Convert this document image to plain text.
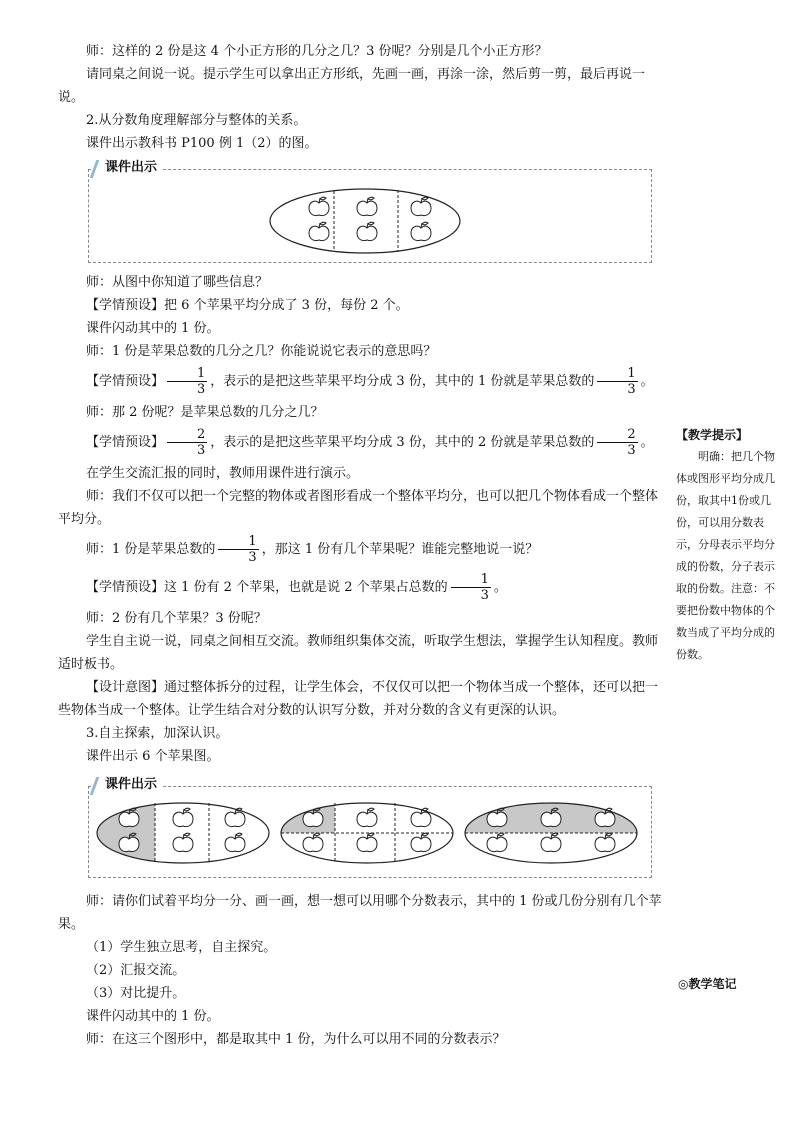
师：这样的 2 份是这 4 个小正方形的几分之几？3 份呢？分别是几个小正方形？

请同桌之间说一说。提示学生可以拿出正方形纸，先画一画，再涂一涂，然后剪一剪，最后再说一说。

2.从分数角度理解部分与整体的关系。

课件出示教科书 P100 例 1（2）的图。

课件出示

师：从图中你知道了哪些信息？

【学情预设】把 6 个苹果平均分成了 3 份，每份 2 个。

课件闪动其中的 1 份。

师：1 份是苹果总数的几分之几？你能说说它表示的意思吗？

【学情预设】 $\frac{1}{3}$ ，表示的是把这些苹果平均分成 3 份，其中的 1 份就是苹果总数的 $\frac{1}{3}$ 。

师：那 2 份呢？是苹果总数的几分之几？

【学情预设】 $\frac{2}{3}$ ，表示的是把这些苹果平均分成 3 份，其中的 2 份就是苹果总数的 $\frac{2}{3}$ 。

在学生交流汇报的同时，教师用课件进行演示。

师：我们不仅可以把一个完整的物体或者图形看成一个整体平均分，也可以把几个物体看成一个整体平均分。

师：1 份是苹果总数的 $\frac{1}{3}$ ，那这 1 份有几个苹果呢？谁能完整地说一说？

【学情预设】这 1 份有 2 个苹果，也就是说 2 个苹果占总数的 $\frac{1}{3}$ 。

师：2 份有几个苹果？3 份呢？

学生自主说一说，同桌之间相互交流。教师组织集体交流，听取学生想法，掌握学生认知程度。教师适时板书。

【设计意图】通过整体拆分的过程，让学生体会，不仅仅可以把一个物体当成一个整体，还可以把一些物体当成一个整体。让学生结合对分数的认识写分数，并对分数的含义有更深的认识。

3.自主探索，加深认识。

课件出示 6 个苹果图。

课件出示

师：请你们试着平均分一分、画一画，想一想可以用哪个分数表示，其中的 1 份或几份分别有几个苹果。

（1）学生独立思考，自主探究。

（2）汇报交流。

（3）对比提升。

课件闪动其中的 1 份。

师：在这三个图形中，都是取其中 1 份，为什么可以用不同的分数表示？

【教学提示】
明确：把几个物体或图形平均分成几份，取其中1份或几份，可以用分数表示，分母表示平均分成的份数，分子表示取的份数。注意：不要把份数中物体的个数当成了平均分成的份数。
◎教学笔记
